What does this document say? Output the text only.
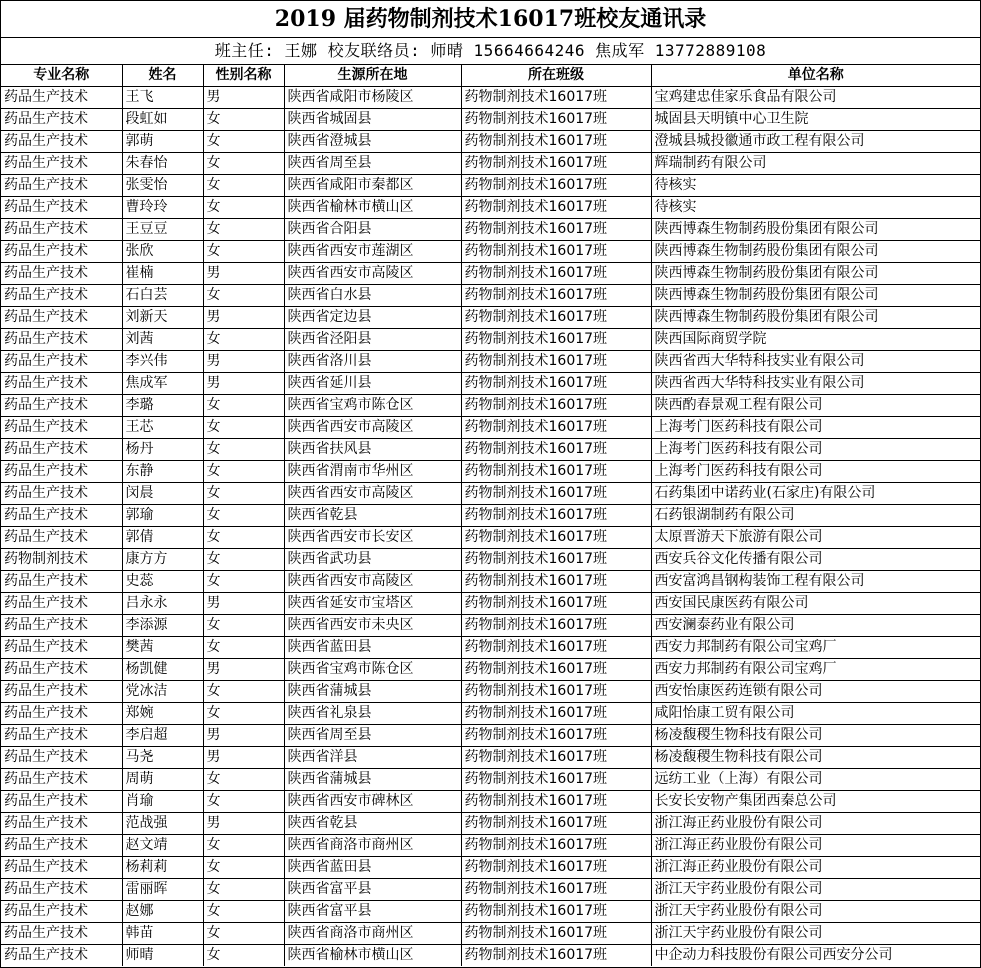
2019 届药物制剂技术16017班校友通讯录
班主任: 王娜 校友联络员: 师晴 15664664246 焦成军 13772889108
专业名称	姓名	性别名称	生源所在地	所在班级	单位名称
药品生产技术	王飞	男	陕西省咸阳市杨陵区	药物制剂技术16017班	宝鸡建忠佳家乐食品有限公司
药品生产技术	段虹如	女	陕西省城固县	药物制剂技术16017班	城固县天明镇中心卫生院
药品生产技术	郭萌	女	陕西省澄城县	药物制剂技术16017班	澄城县城投徽通市政工程有限公司
药品生产技术	朱春怡	女	陕西省周至县	药物制剂技术16017班	辉瑞制药有限公司
药品生产技术	张雯怡	女	陕西省咸阳市秦都区	药物制剂技术16017班	待核实
药品生产技术	曹玲玲	女	陕西省榆林市横山区	药物制剂技术16017班	待核实
药品生产技术	王豆豆	女	陕西省合阳县	药物制剂技术16017班	陕西博森生物制药股份集团有限公司
药品生产技术	张欣	女	陕西省西安市莲湖区	药物制剂技术16017班	陕西博森生物制药股份集团有限公司
药品生产技术	崔楠	男	陕西省西安市高陵区	药物制剂技术16017班	陕西博森生物制药股份集团有限公司
药品生产技术	石白芸	女	陕西省白水县	药物制剂技术16017班	陕西博森生物制药股份集团有限公司
药品生产技术	刘新天	男	陕西省定边县	药物制剂技术16017班	陕西博森生物制药股份集团有限公司
药品生产技术	刘茜	女	陕西省泾阳县	药物制剂技术16017班	陕西国际商贸学院
药品生产技术	李兴伟	男	陕西省洛川县	药物制剂技术16017班	陕西省西大华特科技实业有限公司
药品生产技术	焦成军	男	陕西省延川县	药物制剂技术16017班	陕西省西大华特科技实业有限公司
药品生产技术	李璐	女	陕西省宝鸡市陈仓区	药物制剂技术16017班	陕西酌春景观工程有限公司
药品生产技术	王芯	女	陕西省西安市高陵区	药物制剂技术16017班	上海考门医药科技有限公司
药品生产技术	杨丹	女	陕西省扶风县	药物制剂技术16017班	上海考门医药科技有限公司
药品生产技术	东静	女	陕西省渭南市华州区	药物制剂技术16017班	上海考门医药科技有限公司
药品生产技术	闵晨	女	陕西省西安市高陵区	药物制剂技术16017班	石药集团中诺药业(石家庄)有限公司
药品生产技术	郭瑜	女	陕西省乾县	药物制剂技术16017班	石药银湖制药有限公司
药品生产技术	郭倩	女	陕西省西安市长安区	药物制剂技术16017班	太原晋游天下旅游有限公司
药物制剂技术	康方方	女	陕西省武功县	药物制剂技术16017班	西安兵谷文化传播有限公司
药品生产技术	史蕊	女	陕西省西安市高陵区	药物制剂技术16017班	西安富鸿昌钢构装饰工程有限公司
药品生产技术	吕永永	男	陕西省延安市宝塔区	药物制剂技术16017班	西安国民康医药有限公司
药品生产技术	李添源	女	陕西省西安市未央区	药物制剂技术16017班	西安澜泰药业有限公司
药品生产技术	樊茜	女	陕西省蓝田县	药物制剂技术16017班	西安力邦制药有限公司宝鸡厂
药品生产技术	杨凯健	男	陕西省宝鸡市陈仓区	药物制剂技术16017班	西安力邦制药有限公司宝鸡厂
药品生产技术	党冰洁	女	陕西省蒲城县	药物制剂技术16017班	西安怡康医药连锁有限公司
药品生产技术	郑婉	女	陕西省礼泉县	药物制剂技术16017班	咸阳怡康工贸有限公司
药品生产技术	李启超	男	陕西省周至县	药物制剂技术16017班	杨凌馥稷生物科技有限公司
药品生产技术	马尧	男	陕西省洋县	药物制剂技术16017班	杨凌馥稷生物科技有限公司
药品生产技术	周萌	女	陕西省蒲城县	药物制剂技术16017班	远纺工业（上海）有限公司
药品生产技术	肖瑜	女	陕西省西安市碑林区	药物制剂技术16017班	长安长安物产集团西秦总公司
药品生产技术	范战强	男	陕西省乾县	药物制剂技术16017班	浙江海正药业股份有限公司
药品生产技术	赵文靖	女	陕西省商洛市商州区	药物制剂技术16017班	浙江海正药业股份有限公司
药品生产技术	杨莉莉	女	陕西省蓝田县	药物制剂技术16017班	浙江海正药业股份有限公司
药品生产技术	雷丽晖	女	陕西省富平县	药物制剂技术16017班	浙江天宇药业股份有限公司
药品生产技术	赵娜	女	陕西省富平县	药物制剂技术16017班	浙江天宇药业股份有限公司
药品生产技术	韩苗	女	陕西省商洛市商州区	药物制剂技术16017班	浙江天宇药业股份有限公司
药品生产技术	师晴	女	陕西省榆林市横山区	药物制剂技术16017班	中企动力科技股份有限公司西安分公司
